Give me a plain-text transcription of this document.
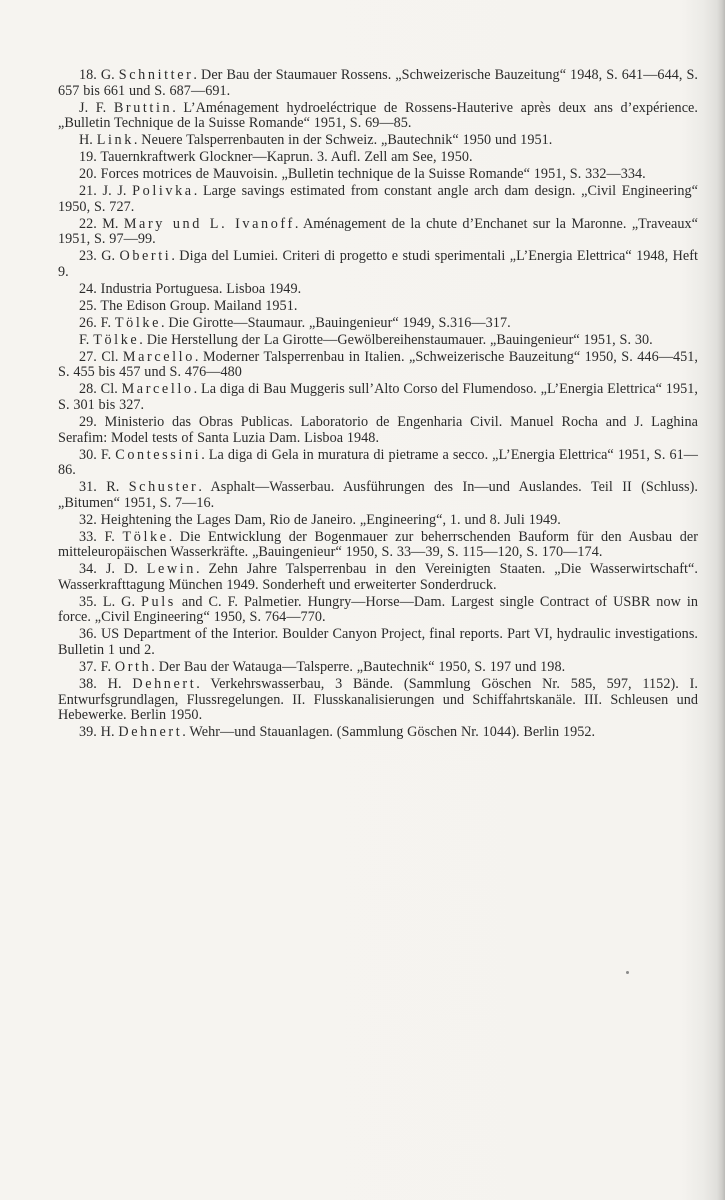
18. G. Schnitter. Der Bau der Staumauer Rossens. „Schweizerische Bauzeitung“ 1948, S. 641—644, S. 657 bis 661 und S. 687—691.

J. F. Bruttin. L’Aménagement hydroeléctrique de Rossens-Hauterive après deux ans d’expérience. „Bulletin Technique de la Suisse Romande“ 1951, S. 69—85.

H. Link. Neuere Talsperrenbauten in der Schweiz. „Bautechnik“ 1950 und 1951.

19. Tauernkraftwerk Glockner—Kaprun. 3. Aufl. Zell am See, 1950.

20. Forces motrices de Mauvoisin. „Bulletin technique de la Suisse Romande“ 1951, S. 332—334.

21. J. J. Polivka. Large savings estimated from constant angle arch dam design. „Civil Engineering“ 1950, S. 727.

22. M. Mary und L. Ivanoff. Aménagement de la chute d’Enchanet sur la Maronne. „Traveaux“ 1951, S. 97—99.

23. G. Oberti. Diga del Lumiei. Criteri di progetto e studi sperimentali „L’Energia Elettrica“ 1948, Heft 9.

24. Industria Portuguesa. Lisboa 1949.

25. The Edison Group. Mailand 1951.

26. F. Tölke. Die Girotte—Staumaur. „Bauingenieur“ 1949, S.316—317.

F. Tölke. Die Herstellung der La Girotte—Gewölbereihenstaumauer. „Bauingenieur“ 1951, S. 30.

27. Cl. Marcello. Moderner Talsperrenbau in Italien. „Schweizerische Bauzeitung“ 1950, S. 446—451, S. 455 bis 457 und S. 476—480

28. Cl. Marcello. La diga di Bau Muggeris sull’Alto Corso del Flumendoso. „L’Energia Elettrica“ 1951, S. 301 bis 327.

29. Ministerio das Obras Publicas. Laboratorio de Engenharia Civil. Manuel Rocha and J. Laghina Serafim: Model tests of Santa Luzia Dam. Lisboa 1948.

30. F. Contessini. La diga di Gela in muratura di pietrame a secco. „L’Energia Elettrica“ 1951, S. 61—86.

31. R. Schuster. Asphalt—Wasserbau. Ausführungen des In—und Auslandes. Teil II (Schluss). „Bitumen“ 1951, S. 7—16.

32. Heightening the Lages Dam, Rio de Janeiro. „Engineering“, 1. und 8. Juli 1949.

33. F. Tölke. Die Entwicklung der Bogenmauer zur beherrschenden Bauform für den Ausbau der mitteleuropäischen Wasserkräfte. „Bauingenieur“ 1950, S. 33—39, S. 115—120, S. 170—174.

34. J. D. Lewin. Zehn Jahre Talsperrenbau in den Vereinigten Staaten. „Die Wasserwirtschaft“. Wasserkrafttagung München 1949. Sonderheft und erweiterter Sonderdruck.

35. L. G. Puls and C. F. Palmetier. Hungry—Horse—Dam. Largest single Contract of USBR now in force. „Civil Engineering“ 1950, S. 764—770.

36. US Department of the Interior. Boulder Canyon Project, final reports. Part VI, hydraulic investigations. Bulletin 1 und 2.

37. F. Orth. Der Bau der Watauga—Talsperre. „Bautechnik“ 1950, S. 197 und 198.

38. H. Dehnert. Verkehrswasserbau, 3 Bände. (Sammlung Göschen Nr. 585, 597, 1152). I. Entwurfsgrundlagen, Flussregelungen. II. Flusskanalisierungen und Schiffahrtskanäle. III. Schleusen und Hebewerke. Berlin 1950.

39. H. Dehnert. Wehr—und Stauanlagen. (Sammlung Göschen Nr. 1044). Berlin 1952.
